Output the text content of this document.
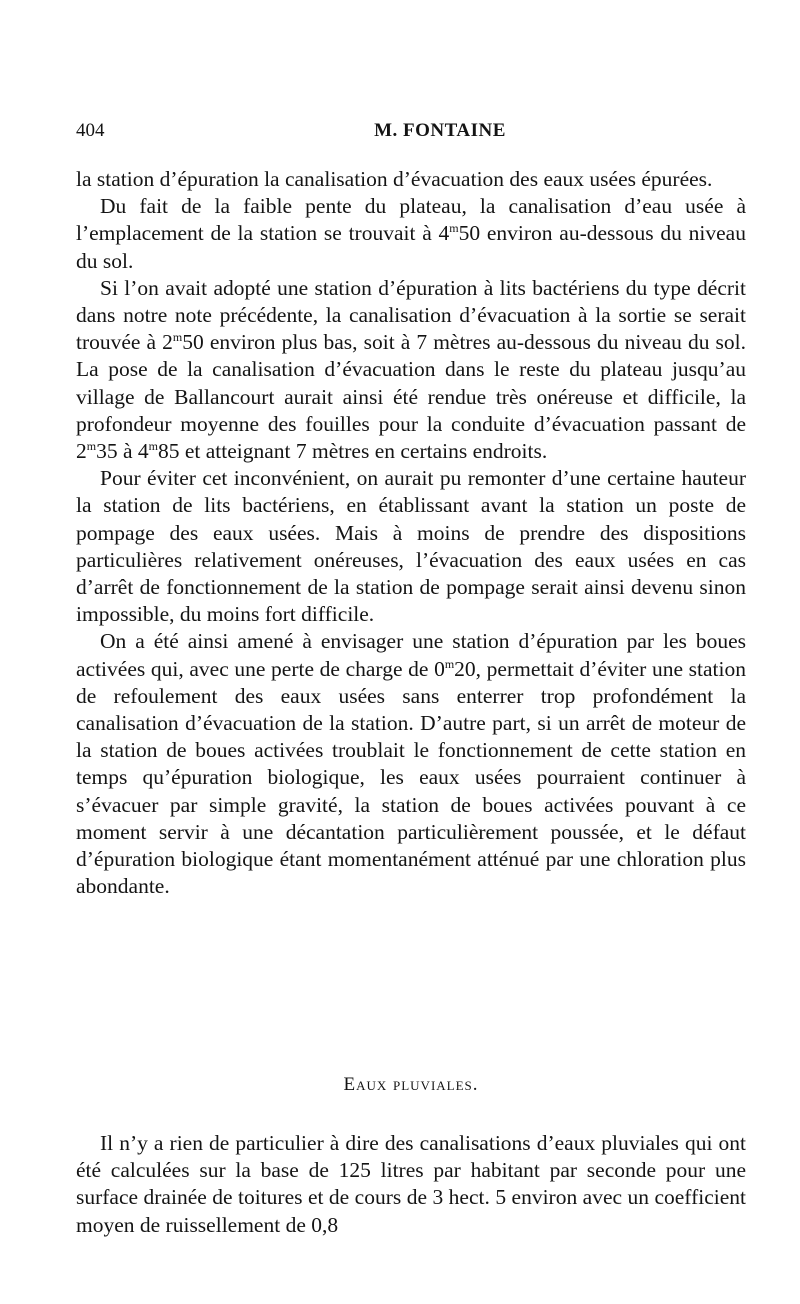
404	M. FONTAINE

la station d’épuration la canalisation d’évacuation des eaux usées épurées.

Du fait de la faible pente du plateau, la canalisation d’eau usée à l’emplacement de la station se trouvait à 4$^m$50 environ au-dessous du niveau du sol.

Si l’on avait adopté une station d’épuration à lits bactériens du type décrit dans notre note précédente, la canalisation d’évacuation à la sortie se serait trouvée à 2$^m$50 environ plus bas, soit à 7 mètres au-dessous du niveau du sol. La pose de la canalisation d’évacuation dans le reste du plateau jusqu’au village de Ballancourt aurait ainsi été rendue très onéreuse et difficile, la profondeur moyenne des fouilles pour la conduite d’évacuation passant de 2$^m$35 à 4$^m$85 et atteignant 7 mètres en certains endroits.

Pour éviter cet inconvénient, on aurait pu remonter d’une certaine hauteur la station de lits bactériens, en établissant avant la station un poste de pompage des eaux usées. Mais à moins de prendre des dispositions particulières relativement onéreuses, l’évacuation des eaux usées en cas d’arrêt de fonctionnement de la station de pompage serait ainsi devenu sinon impossible, du moins fort difficile.

On a été ainsi amené à envisager une station d’épuration par les boues activées qui, avec une perte de charge de 0$^m$20, permettait d’éviter une station de refoulement des eaux usées sans enterrer trop profondément la canalisation d’évacuation de la station. D’autre part, si un arrêt de moteur de la station de boues activées troublait le fonctionnement de cette station en temps qu’épuration biologique, les eaux usées pourraient continuer à s’évacuer par simple gravité, la station de boues activées pouvant à ce moment servir à une décantation particulièrement poussée, et le défaut d’épuration biologique étant momentanément atténué par une chloration plus abondante.

Eaux pluviales.

Il n’y a rien de particulier à dire des canalisations d’eaux pluviales qui ont été calculées sur la base de 125 litres par habitant par seconde pour une surface drainée de toitures et de cours de 3 hect. 5 environ avec un coefficient moyen de ruissellement de 0,8
